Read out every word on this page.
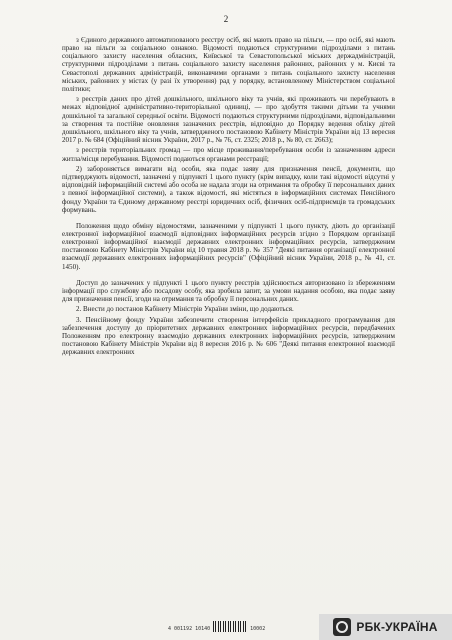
2

з Єдиного державного автоматизованого реєстру осіб, які мають право на пільги, — про осіб, які мають право на пільги за соціальною ознакою. Відомості подаються структурними підрозділами з питань соціального захисту населення обласних, Київської та Севастопольської міських держадміністрацій, структурними підрозділами з питань соціального захисту населення районних, районних у м. Києві та Севастополі державних адміністрацій, виконавчими органами з питань соціального захисту населення міських, районних у містах (у разі їх утворення) рад у порядку, встановленому Міністерством соціальної політики;

з реєстрів даних про дітей дошкільного, шкільного віку та учнів, які проживають чи перебувають в межах відповідної адміністративно-територіальної одиниці, — про здобуття такими дітьми та учнями дошкільної та загальної середньої освіти. Відомості подаються структурними підрозділами, відповідальними за створення та постійне оновлення зазначених реєстрів, відповідно до Порядку ведення обліку дітей дошкільного, шкільного віку та учнів, затвердженого постановою Кабінету Міністрів України від 13 вересня 2017 р. № 684 (Офіційний вісник України, 2017 р., № 76, ст. 2325; 2018 р., № 80, ст. 2663);

з реєстрів територіальних громад — про місце проживання/перебування особи із зазначенням адреси житла/місця перебування. Відомості подаються органами реєстрації;

2) забороняється вимагати від особи, яка подає заяву для призначення пенсії, документи, що підтверджують відомості, зазначені у підпункті 1 цього пункту (крім випадку, коли такі відомості відсутні у відповідній інформаційній системі або особа не надала згоди на отримання та обробку її персональних даних з певної інформаційної системи), а також відомості, які містяться в інформаційних системах Пенсійного фонду України та Єдиному державному реєстрі юридичних осіб, фізичних осіб-підприємців та громадських формувань.

Положення щодо обміну відомостями, зазначеними у підпункті 1 цього пункту, діють до організації електронної інформаційної взаємодії відповідних інформаційних ресурсів згідно з Порядком організації електронної інформаційної взаємодії державних електронних інформаційних ресурсів, затвердженим постановою Кабінету Міністрів України від 10 травня 2018 р. № 357 "Деякі питання організації електронної взаємодії державних електронних інформаційних ресурсів" (Офіційний вісник України, 2018 р., № 41, ст. 1450).

Доступ до зазначених у підпункті 1 цього пункту реєстрів здійснюється авторизовано із збереженням інформації про службову або посадову особу, яка зробила запит, за умови надання особою, яка подає заяву для призначення пенсії, згоди на отримання та обробку її персональних даних.

2. Внести до постанов Кабінету Міністрів України зміни, що додаються.

3. Пенсійному фонду України забезпечити створення інтерфейсів прикладного програмування для забезпечення доступу до пріоритетних державних електронних інформаційних ресурсів, передбачених Положенням про електронну взаємодію державних електронних інформаційних ресурсів, затвердженим постановою Кабінету Міністрів України від 8 вересня 2016 р. № 606 "Деякі питання електронної взаємодії державних електронних

4 001192 10140	10002	РБК-УКРАЇНА
